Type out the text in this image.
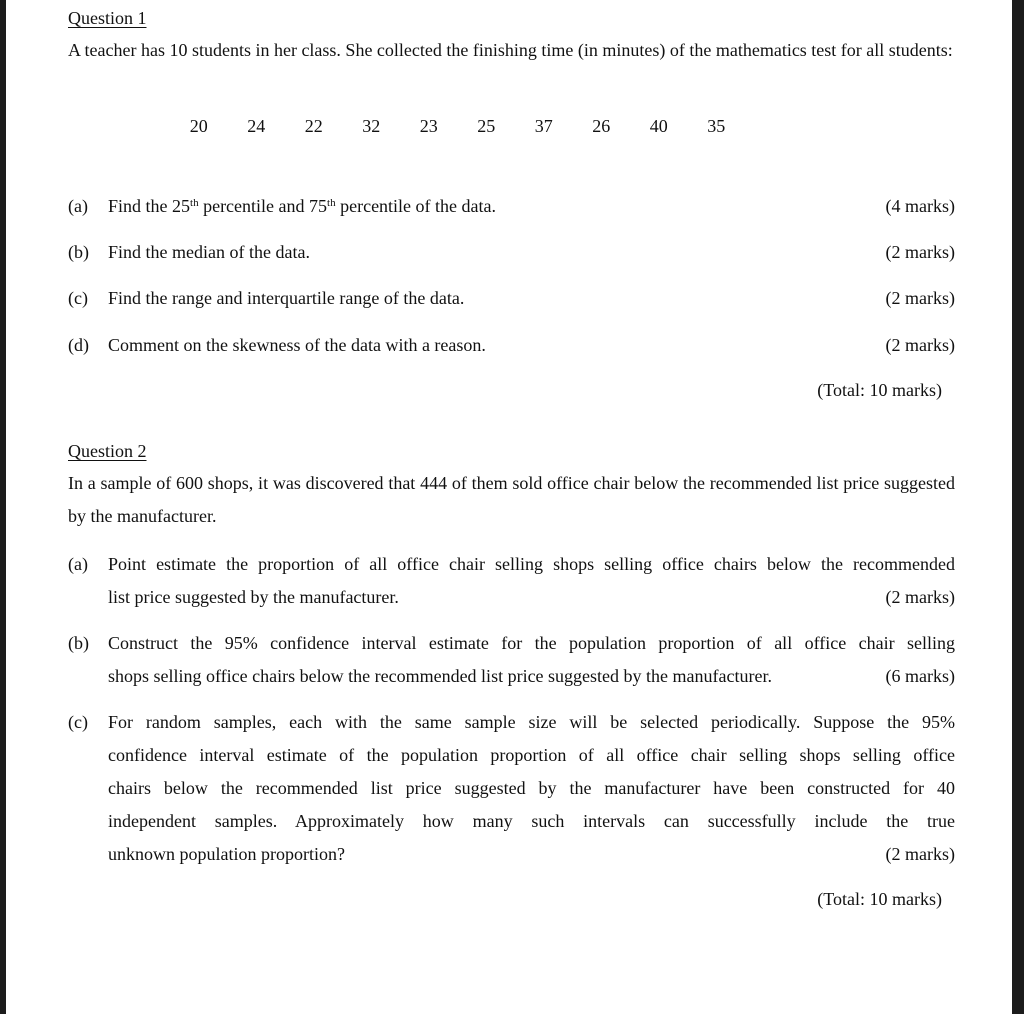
Question 1
A teacher has 10 students in her class. She collected the finishing time (in minutes) of the mathematics test for all students:
20	24	22	32	23	25	37	26	40	35
(a) Find the 25th percentile and 75th percentile of the data.	(4 marks)
(b) Find the median of the data.	(2 marks)
(c) Find the range and interquartile range of the data.	(2 marks)
(d) Comment on the skewness of the data with a reason.	(2 marks)
(Total: 10 marks)
Question 2
In a sample of 600 shops, it was discovered that 444 of them sold office chair below the recommended list price suggested by the manufacturer.
(a) Point estimate the proportion of all office chair selling shops selling office chairs below the recommended
list price suggested by the manufacturer.	(2 marks)
(b) Construct the 95% confidence interval estimate for the population proportion of all office chair selling
shops selling office chairs below the recommended list price suggested by the manufacturer.	(6 marks)
(c) For random samples, each with the same sample size will be selected periodically. Suppose the 95%
confidence interval estimate of the population proportion of all office chair selling shops selling office
chairs below the recommended list price suggested by the manufacturer have been constructed for 40
independent samples. Approximately how many such intervals can successfully include the true
unknown population proportion?	(2 marks)
(Total: 10 marks)
